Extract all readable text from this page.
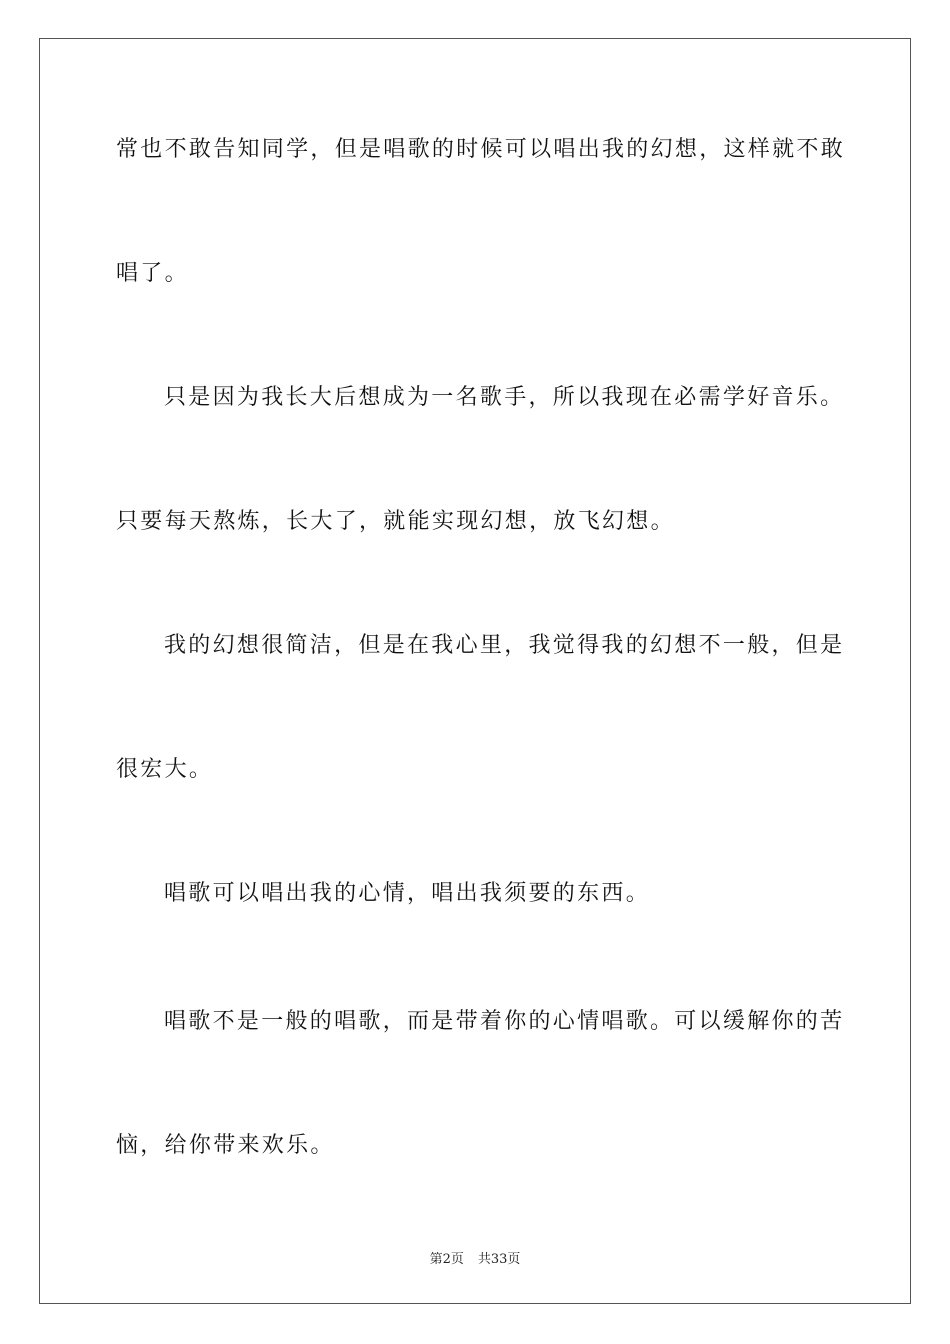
常也不敢告知同学，但是唱歌的时候可以唱出我的幻想，这样就不敢
唱了。
只是因为我长大后想成为一名歌手，所以我现在必需学好音乐。
只要每天熬炼，长大了，就能实现幻想，放飞幻想。
我的幻想很简洁，但是在我心里，我觉得我的幻想不一般，但是
很宏大。
唱歌可以唱出我的心情，唱出我须要的东西。
唱歌不是一般的唱歌，而是带着你的心情唱歌。可以缓解你的苦
恼，给你带来欢乐。
第2页 共33页
